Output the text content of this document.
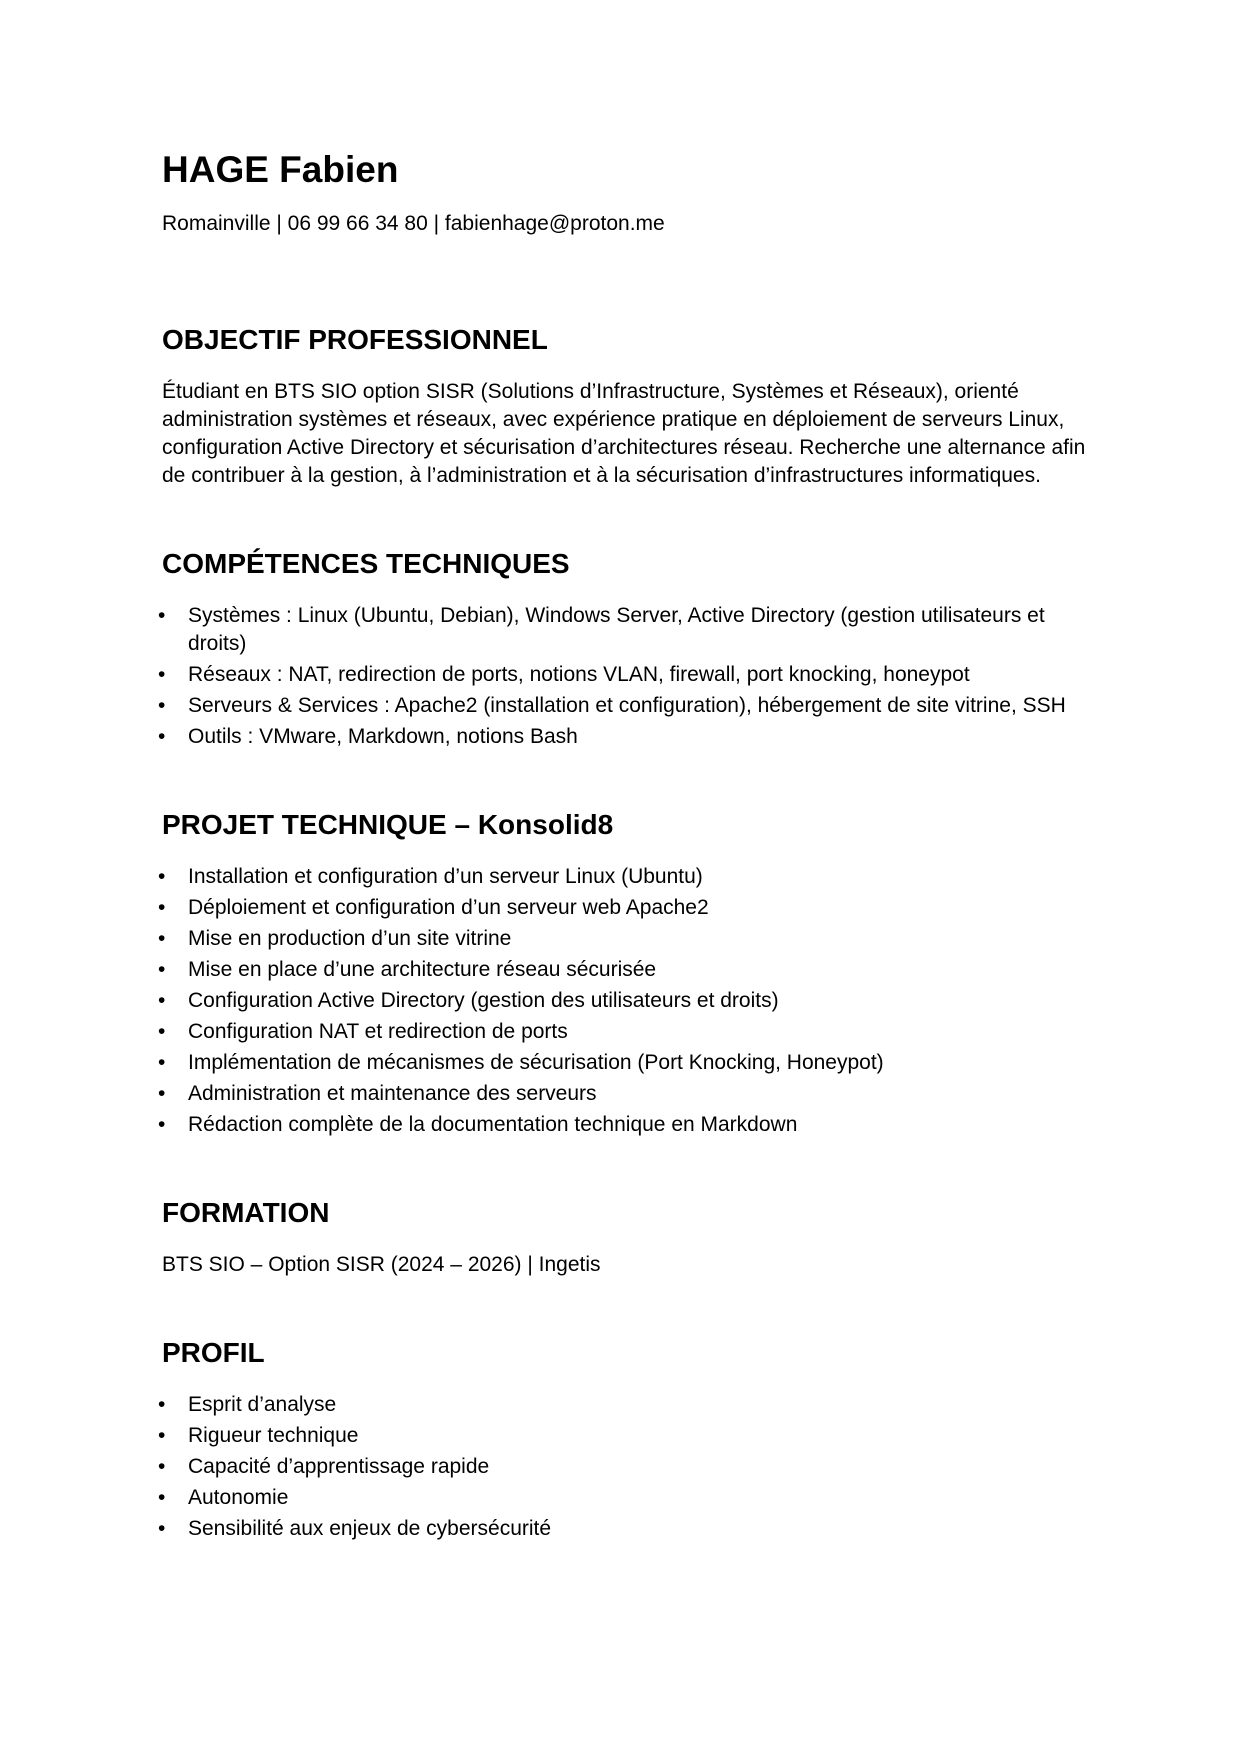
HAGE Fabien
Romainville | 06 99 66 34 80 | fabienhage@proton.me
OBJECTIF PROFESSIONNEL

Étudiant en BTS SIO option SISR (Solutions d’Infrastructure, Systèmes et Réseaux), orienté administration systèmes et réseaux, avec expérience pratique en déploiement de serveurs Linux, configuration Active Directory et sécurisation d’architectures réseau. Recherche une alternance afin de contribuer à la gestion, à l’administration et à la sécurisation d’infrastructures informatiques.

COMPÉTENCES TECHNIQUES
• Systèmes : Linux (Ubuntu, Debian), Windows Server, Active Directory (gestion utilisateurs et droits)
• Réseaux : NAT, redirection de ports, notions VLAN, firewall, port knocking, honeypot
• Serveurs & Services : Apache2 (installation et configuration), hébergement de site vitrine, SSH
• Outils : VMware, Markdown, notions Bash
PROJET TECHNIQUE – Konsolid8
• Installation et configuration d’un serveur Linux (Ubuntu)
• Déploiement et configuration d’un serveur web Apache2
• Mise en production d’un site vitrine
• Mise en place d’une architecture réseau sécurisée
• Configuration Active Directory (gestion des utilisateurs et droits)
• Configuration NAT et redirection de ports
• Implémentation de mécanismes de sécurisation (Port Knocking, Honeypot)
• Administration et maintenance des serveurs
• Rédaction complète de la documentation technique en Markdown
FORMATION

BTS SIO – Option SISR (2024 – 2026) | Ingetis

PROFIL
• Esprit d’analyse
• Rigueur technique
• Capacité d’apprentissage rapide
• Autonomie
• Sensibilité aux enjeux de cybersécurité
